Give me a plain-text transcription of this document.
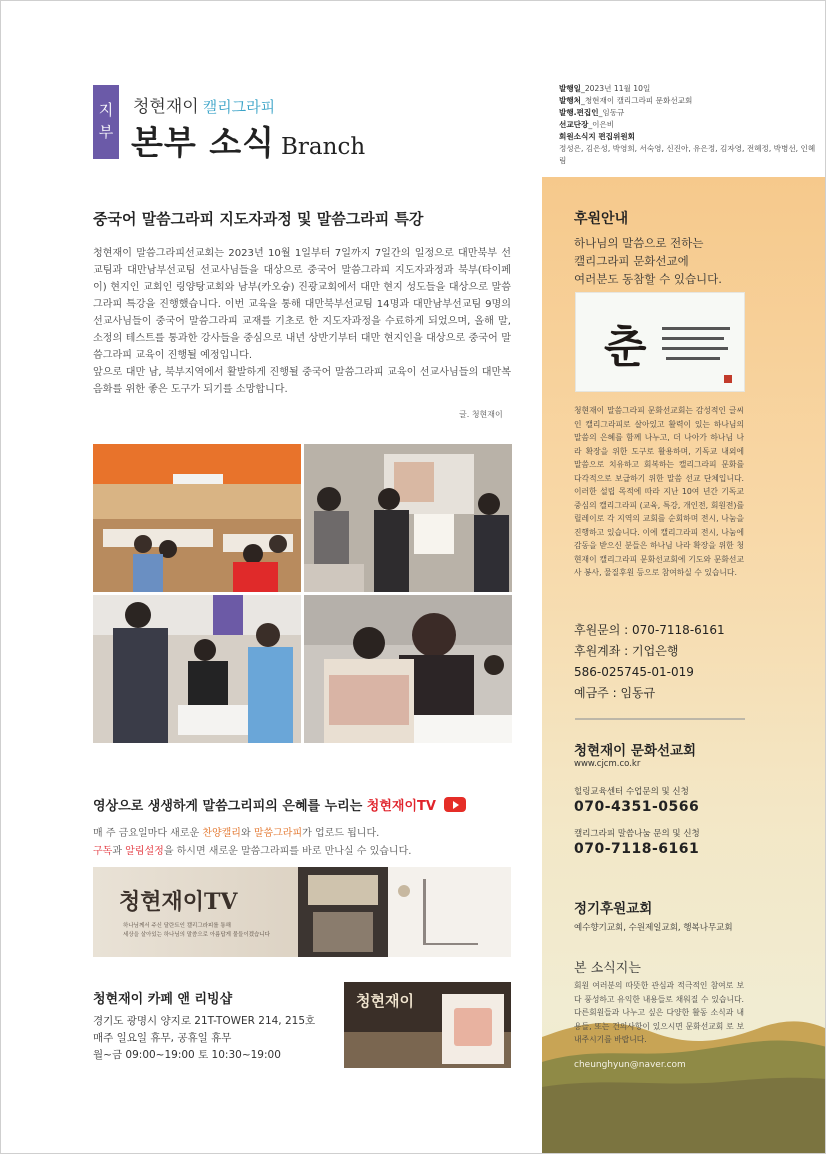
지부
청현재이 캘리그라피
본부 소식 Branch
발행일_2023년 11월 10일
발행처_청현재이 캘리그라피 문화선교회
발행.편집인_임동규
선교단장_이은비
회원소식지 편집위원회
정성은, 김은성, 박영희, 서숙영, 신진아, 유은정, 김자영, 전혜정, 박병선, 인혜림
중국어 말씀그라피 지도자과정 및 말씀그라피 특강

청현재이 말씀그라피선교회는 2023년 10월 1일부터 7일까지 7일간의 일정으로 대만북부 선교팀과 대만남부선교팀 선교사님들을 대상으로 중국어 말씀그라피 지도자과정과 북부(타이페이) 현지인 교회인 링양탕교회와 남부(카오슝) 진광교회에서 대만 현지 성도들을 대상으로 말씀그라피 특강을 진행했습니다. 이번 교육을 통해 대만북부선교팀 14명과 대만남부선교팀 9명의 선교사님들이 중국어 말씀그라피 교재를 기초로 한 지도자과정을 수료하게 되었으며, 올해 말, 소정의 테스트를 통과한 강사들을 중심으로 내년 상반기부터 대만 현지인을 대상으로 중국어 말씀그라피 교육이 진행될 예정입니다.

앞으로 대만 남, 북부지역에서 활발하게 진행될 중국어 말씀그라피 교육이 선교사님들의 대만복음화를 위한 좋은 도구가 되기를 소망합니다.

글. 청현재이
영상으로 생생하게 말씀그리피의 은혜를 누리는 청현재이TV
매 주 금요일마다 새로운 찬양캘리와 말씀그라피가 업로드 됩니다.
구독과 알림설정을 하시면 새로운 말씀그라피를 바로 만나실 수 있습니다.
청현재이TV
하나님께서 주신 달란트인 캘리그라피를 통해
세상을 살아있는 하나님의 말씀으로 아름답게 물들이겠습니다
청현재이 카페 앤 리빙샵
경기도 광명시 양지로 21T-TOWER 214, 215호
매주 일요일 휴무, 공휴일 휴무
월~금 09:00~19:00 토 10:30~19:00
청현재이
후원안내
하나님의 말씀으로 전하는
캘리그라피 문화선교에
여러분도 동참할 수 있습니다.
춘
청현재이 말씀그라피 문화선교회는 감성적인 글씨인 캘리그라피로 살아있고 활력이 있는 하나님의 말씀의 은혜를 함께 나누고, 더 나아가 하나님 나라 확장을 위한 도구로 활용하며, 기독교 내외에 말씀으로 치유하고 회복하는 캘리그라피 문화를 다각적으로 보급하기 위한 말씀 선교 단체입니다. 이러한 설립 목적에 따라 지난 10여 년간 기독교 중심의 캘리그라피 (교육, 특강, 개인전, 회원전)를 릴레이로 각 지역의 교회를 순회하며 전시, 나눔을 진행하고 있습니다. 이에 캘리그라피 전시, 나눔에 감동을 받으신 분들은 하나님 나라 확장을 위한 청현재이 캘리그라피 문화선교회에 기도와 문화선교사 봉사, 물질후원 등으로 참여하실 수 있습니다.
후원문의 : 070-7118-6161
후원계좌 : 기업은행
586-025745-01-019
예금주 : 임동규
청현재이 문화선교회
www.cjcm.co.kr
힐링교육센터 수업문의 및 신청
070-4351-0566
캘리그라피 말씀나눔 문의 및 신청
070-7118-6161
정기후원교회
예수향기교회, 수원제일교회, 행복나무교회
본 소식지는
회원 여러분의 따뜻한 관심과 적극적인 참여로 보다 풍성하고 유익한 내용들로 채워질 수 있습니다. 다른회원들과 나누고 싶은 다양한 활동 소식과 내용들, 또는 건의사항이 있으시면 문화선교회 로 보내주시기를 바랍니다.
cheunghyun@naver.com
